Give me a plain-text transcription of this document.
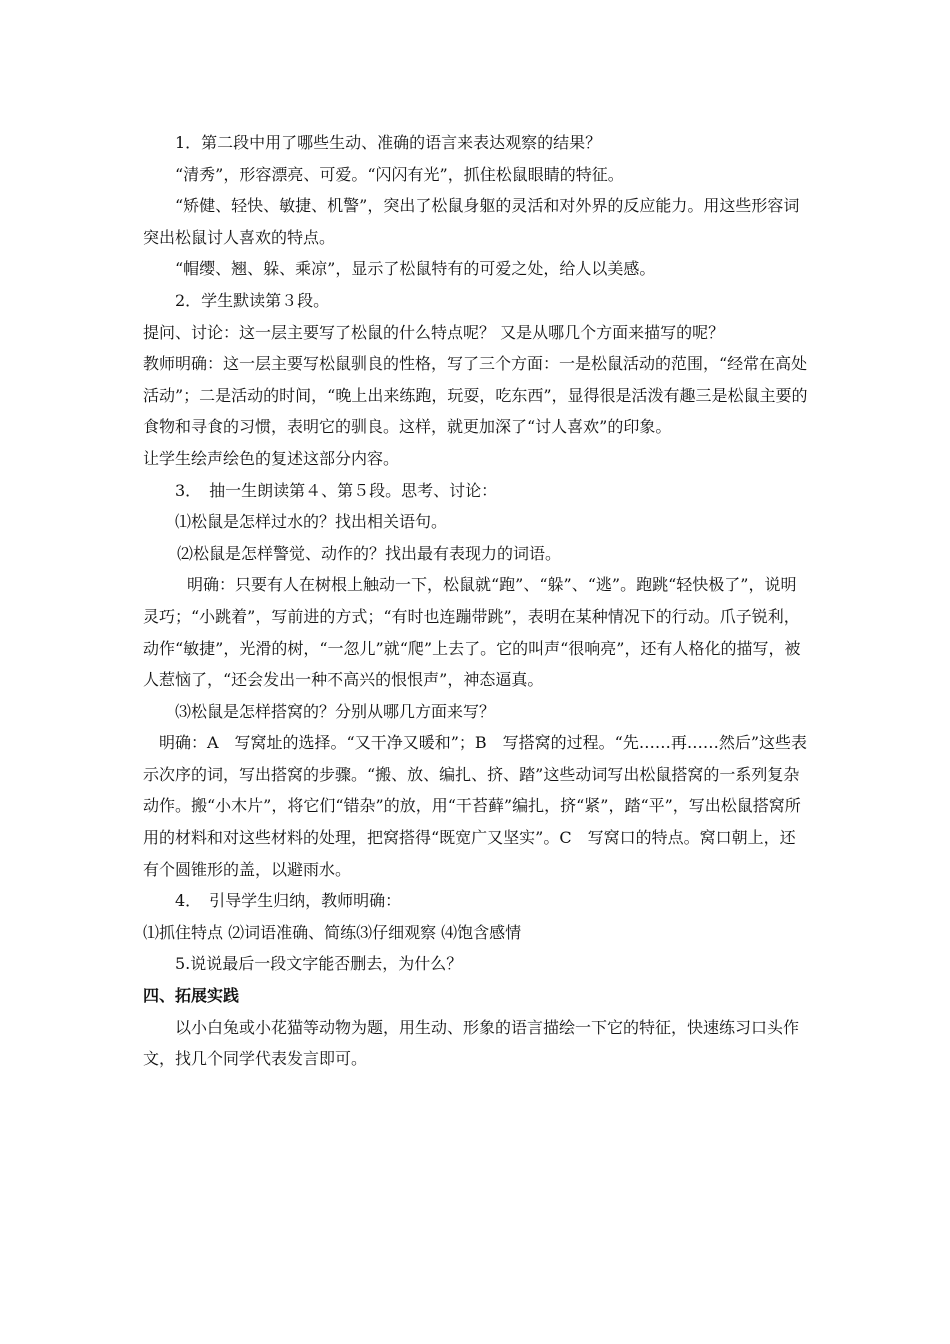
1．第二段中用了哪些生动、准确的语言来表达观察的结果？

“清秀”，形容漂亮、可爱。“闪闪有光”，抓住松鼠眼睛的特征。

“矫健、轻快、敏捷、机警”，突出了松鼠身躯的灵活和对外界的反应能力。用这些形容词突出松鼠讨人喜欢的特点。

“帽缨、翘、躲、乘凉”，显示了松鼠特有的可爱之处，给人以美感。

2．学生默读第３段。

提问、讨论：这一层主要写了松鼠的什么特点呢？ 又是从哪几个方面来描写的呢？

教师明确：这一层主要写松鼠驯良的性格，写了三个方面：一是松鼠活动的范围，“经常在高处活动”；二是活动的时间，“晚上出来练跑，玩耍，吃东西”，显得很是活泼有趣三是松鼠主要的食物和寻食的习惯，表明它的驯良。这样，就更加深了“讨人喜欢”的印象。

让学生绘声绘色的复述这部分内容。

3．　抽一生朗读第４、第５段。思考、讨论：

⑴松鼠是怎样过水的？找出相关语句。

⑵松鼠是怎样警觉、动作的？找出最有表现力的词语。

明确：只要有人在树根上触动一下，松鼠就“跑”、“躲”、“逃”。跑跳“轻快极了”，说明灵巧；“小跳着”，写前进的方式；“有时也连蹦带跳”，表明在某种情况下的行动。爪子锐利，动作“敏捷”，光滑的树，“一忽儿”就“爬”上去了。它的叫声“很响亮”，还有人格化的描写，被人惹恼了，“还会发出一种不高兴的恨恨声”，神态逼真。

⑶松鼠是怎样搭窝的？分别从哪几方面来写？

明确：A　写窝址的选择。“又干净又暖和”；B　写搭窝的过程。“先……再……然后”这些表示次序的词，写出搭窝的步骤。“搬、放、编扎、挤、踏”这些动词写出松鼠搭窝的一系列复杂动作。搬“小木片”，将它们“错杂”的放，用“干苔藓”编扎，挤“紧”，踏“平”，写出松鼠搭窝所用的材料和对这些材料的处理，把窝搭得“既宽广又坚实”。C　写窝口的特点。窝口朝上，还有个圆锥形的盖，以避雨水。

4．　引导学生归纳，教师明确：

⑴抓住特点 ⑵词语准确、简练⑶仔细观察 ⑷饱含感情

5.说说最后一段文字能否删去，为什么？

四、拓展实践

以小白兔或小花猫等动物为题，用生动、形象的语言描绘一下它的特征，快速练习口头作文，找几个同学代表发言即可。
